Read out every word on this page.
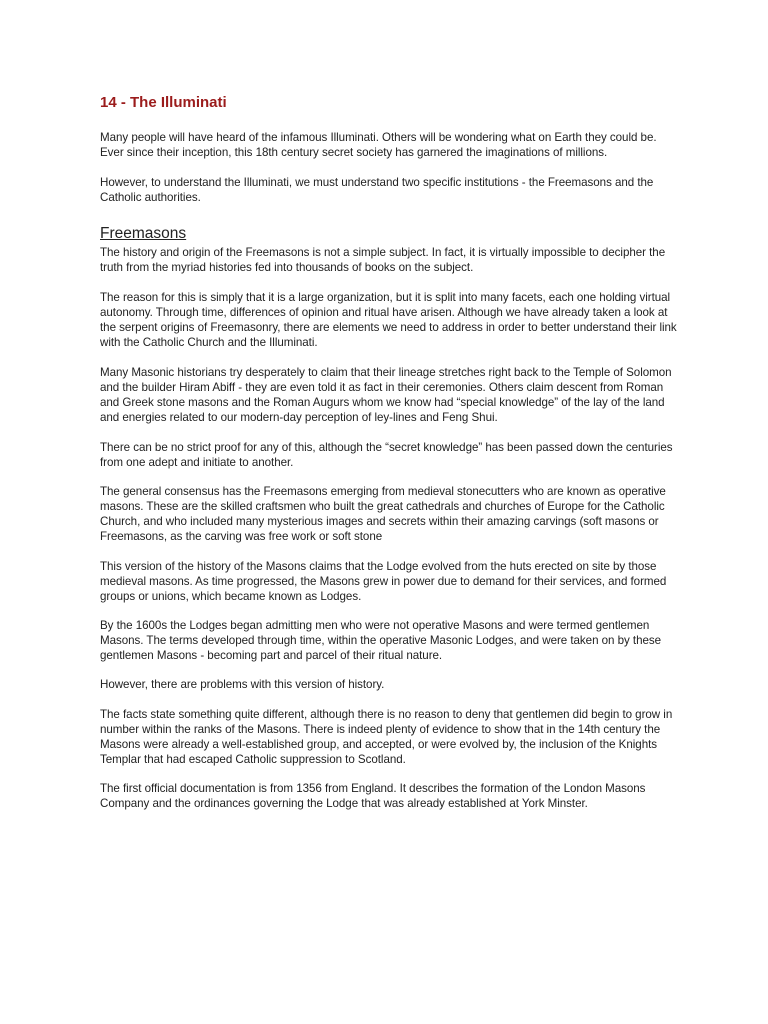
14 - The Illuminati

Many people will have heard of the infamous Illuminati. Others will be wondering what on Earth they could be. Ever since their inception, this 18th century secret society has garnered the imaginations of millions.

However, to understand the Illuminati, we must understand two specific institutions - the Freemasons and the Catholic authorities.

Freemasons

The history and origin of the Freemasons is not a simple subject. In fact, it is virtually impossible to decipher the truth from the myriad histories fed into thousands of books on the subject.

The reason for this is simply that it is a large organization, but it is split into many facets, each one holding virtual autonomy. Through time, differences of opinion and ritual have arisen. Although we have already taken a look at the serpent origins of Freemasonry, there are elements we need to address in order to better understand their link with the Catholic Church and the Illuminati.

Many Masonic historians try desperately to claim that their lineage stretches right back to the Temple of Solomon and the builder Hiram Abiff - they are even told it as fact in their ceremonies. Others claim descent from Roman and Greek stone masons and the Roman Augurs whom we know had “special knowledge” of the lay of the land and energies related to our modern-day perception of ley-lines and Feng Shui.

There can be no strict proof for any of this, although the “secret knowledge” has been passed down the centuries from one adept and initiate to another.

The general consensus has the Freemasons emerging from medieval stonecutters who are known as operative masons. These are the skilled craftsmen who built the great cathedrals and churches of Europe for the Catholic Church, and who included many mysterious images and secrets within their amazing carvings (soft masons or Freemasons, as the carving was free work or soft stone

This version of the history of the Masons claims that the Lodge evolved from the huts erected on site by those medieval masons. As time progressed, the Masons grew in power due to demand for their services, and formed groups or unions, which became known as Lodges.

By the 1600s the Lodges began admitting men who were not operative Masons and were termed gentlemen Masons. The terms developed through time, within the operative Masonic Lodges, and were taken on by these gentlemen Masons - becoming part and parcel of their ritual nature.

However, there are problems with this version of history.

The facts state something quite different, although there is no reason to deny that gentlemen did begin to grow in number within the ranks of the Masons. There is indeed plenty of evidence to show that in the 14th century the Masons were already a well-established group, and accepted, or were evolved by, the inclusion of the Knights Templar that had escaped Catholic suppression to Scotland.

The first official documentation is from 1356 from England. It describes the formation of the London Masons Company and the ordinances governing the Lodge that was already established at York Minster.
